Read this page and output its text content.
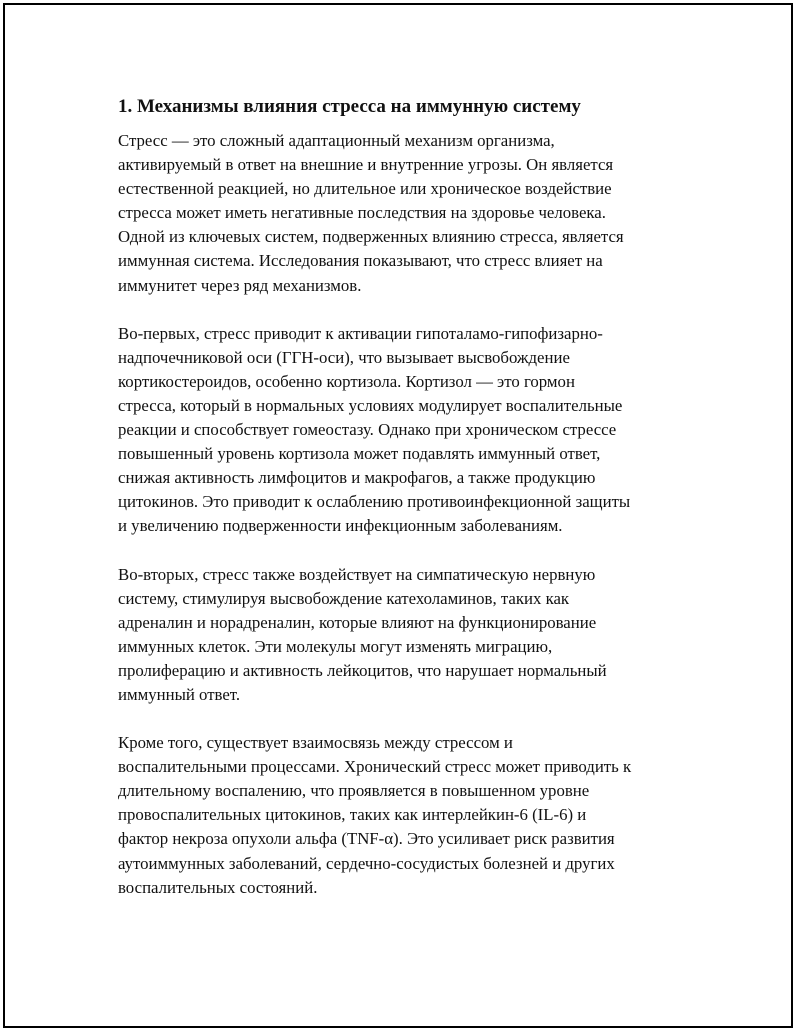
1. Механизмы влияния стресса на иммунную систему
Стресс — это сложный адаптационный механизм организма,
активируемый в ответ на внешние и внутренние угрозы. Он является
естественной реакцией, но длительное или хроническое воздействие
стресса может иметь негативные последствия на здоровье человека.
Одной из ключевых систем, подверженных влиянию стресса, является
иммунная система. Исследования показывают, что стресс влияет на
иммунитет через ряд механизмов.
Во-первых, стресс приводит к активации гипоталамо-гипофизарно-
надпочечниковой оси (ГГН-оси), что вызывает высвобождение
кортикостероидов, особенно кортизола. Кортизол — это гормон
стресса, который в нормальных условиях модулирует воспалительные
реакции и способствует гомеостазу. Однако при хроническом стрессе
повышенный уровень кортизола может подавлять иммунный ответ,
снижая активность лимфоцитов и макрофагов, а также продукцию
цитокинов. Это приводит к ослаблению противоинфекционной защиты
и увеличению подверженности инфекционным заболеваниям.
Во-вторых, стресс также воздействует на симпатическую нервную
систему, стимулируя высвобождение катехоламинов, таких как
адреналин и норадреналин, которые влияют на функционирование
иммунных клеток. Эти молекулы могут изменять миграцию,
пролиферацию и активность лейкоцитов, что нарушает нормальный
иммунный ответ.
Кроме того, существует взаимосвязь между стрессом и
воспалительными процессами. Хронический стресс может приводить к
длительному воспалению, что проявляется в повышенном уровне
провоспалительных цитокинов, таких как интерлейкин-6 (IL-6) и
фактор некроза опухоли альфа (TNF-α). Это усиливает риск развития
аутоиммунных заболеваний, сердечно-сосудистых болезней и других
воспалительных состояний.
